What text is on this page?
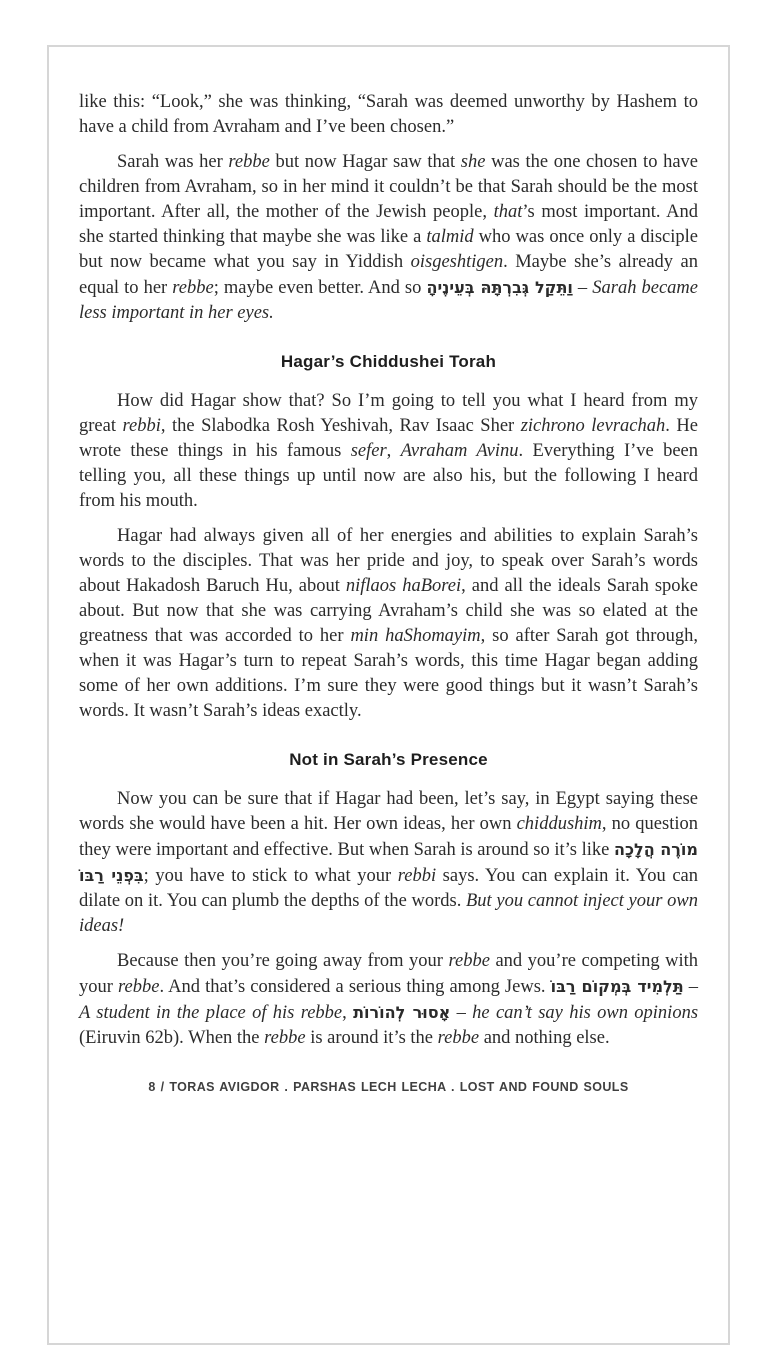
like this: “Look,” she was thinking, “Sarah was deemed unworthy by Hashem to have a child from Avraham and I’ve been chosen.”

Sarah was her rebbe but now Hagar saw that she was the one chosen to have children from Avraham, so in her mind it couldn’t be that Sarah should be the most important. After all, the mother of the Jewish people, that’s most important. And she started thinking that maybe she was like a talmid who was once only a disciple but now became what you say in Yiddish oisgeshtigen. Maybe she’s already an equal to her rebbe; maybe even better. And so וַתֵּקַל גְּבִרְתָּהּ בְּעֵינֶיהָ – Sarah became less important in her eyes.

Hagar’s Chiddushei Torah

How did Hagar show that? So I’m going to tell you what I heard from my great rebbi, the Slabodka Rosh Yeshivah, Rav Isaac Sher zichrono levrachah. He wrote these things in his famous sefer, Avraham Avinu. Everything I’ve been telling you, all these things up until now are also his, but the following I heard from his mouth.

Hagar had always given all of her energies and abilities to explain Sarah’s words to the disciples. That was her pride and joy, to speak over Sarah’s words about Hakadosh Baruch Hu, about niflaos haBorei, and all the ideals Sarah spoke about. But now that she was carrying Avraham’s child she was so elated at the greatness that was accorded to her min haShomayim, so after Sarah got through, when it was Hagar’s turn to repeat Sarah’s words, this time Hagar began adding some of her own additions. I’m sure they were good things but it wasn’t Sarah’s words. It wasn’t Sarah’s ideas exactly.

Not in Sarah’s Presence

Now you can be sure that if Hagar had been, let’s say, in Egypt saying these words she would have been a hit. Her own ideas, her own chiddushim, no question they were important and effective. But when Sarah is around so it’s like מוֹרֶה הֲלָכָה בִּפְנֵי רַבּוֹ; you have to stick to what your rebbi says. You can explain it. You can dilate on it. You can plumb the depths of the words. But you cannot inject your own ideas!

Because then you’re going away from your rebbe and you’re competing with your rebbe. And that’s considered a serious thing among Jews. תַּלְמִיד בְּמְקוֹם רַבּוֹ – A student in the place of his rebbe, אָסוּר לְהוֹרוֹת – he can’t say his own opinions (Eiruvin 62b). When the rebbe is around it’s the rebbe and nothing else.

8 / TORAS AVIGDOR . PARSHAS LECH LECHA . LOST AND FOUND SOULS
